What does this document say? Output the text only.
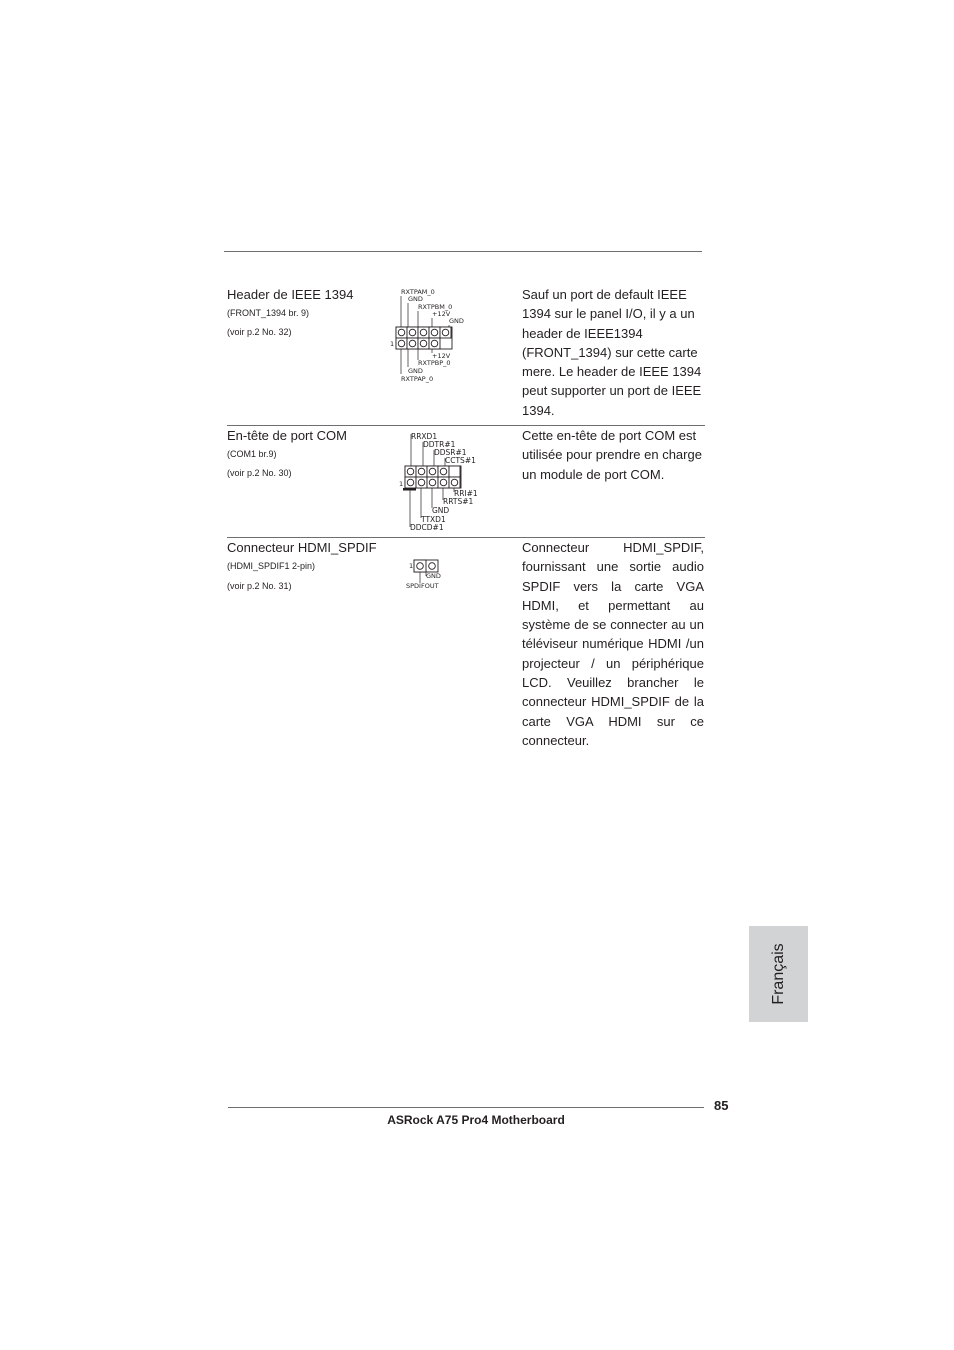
Header de IEEE 1394
(FRONT_1394 br. 9)
(voir p.2 No. 32)
RXTPAM_0
GND
RXTPBM_0
+12V
GND
1
+12V
RXTPBP_0
GND
RXTPAP_0
Sauf un port de default IEEE 1394 sur le panel I/O, il y a un header de IEEE1394 (FRONT_1394) sur cette carte mere. Le header de IEEE 1394 peut supporter un port de IEEE 1394.
En-tête de port COM
(COM1 br.9)
(voir p.2 No. 30)
RRXD1
DDTR#1
DDSR#1
CCTS#1
1
RRI#1
RRTS#1
GND
TTXD1
DDCD#1
Cette en-tête de port COM est utilisée pour prendre en charge un module de port COM.
Connecteur HDMI_SPDIF
(HDMI_SPDIF1 2-pin)
(voir p.2 No. 31)
1
GND
SPDIFOUT
Connecteur HDMI_SPDIF, fournissant une sortie audio SPDIF vers la carte VGA HDMI, et permettant au système de se connecter au un téléviseur numérique HDMI /un projecteur / un périphérique LCD. Veuillez brancher le connecteur HDMI_SPDIF de la carte VGA HDMI sur ce connecteur.
Français
85
ASRock A75 Pro4 Motherboard
